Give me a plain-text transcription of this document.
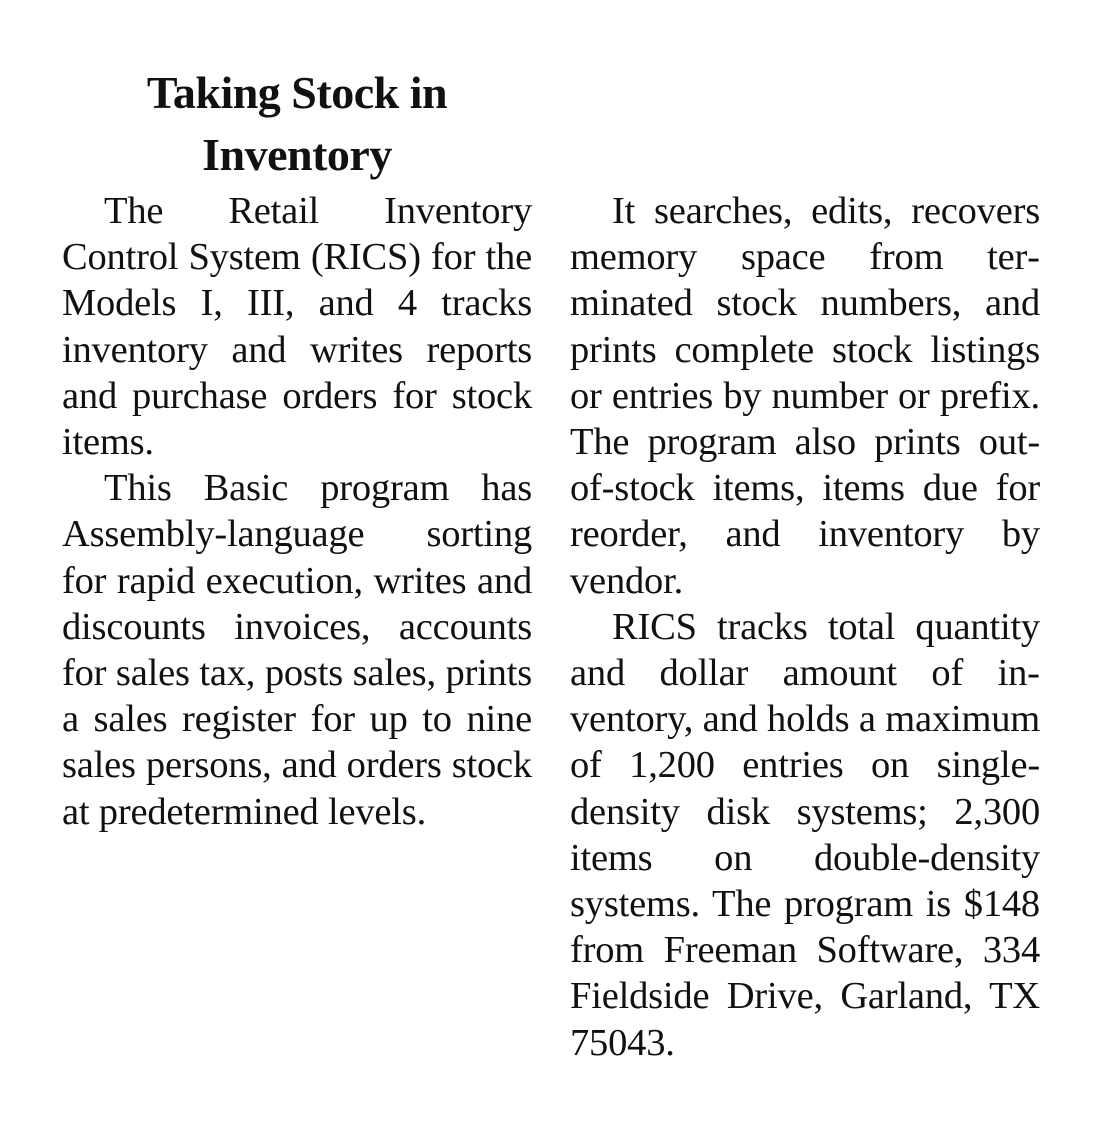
Taking Stock in Inventory

The Retail Inventory Control System (RICS) for the Models I, III, and 4 tracks inventory and writes reports and purchase orders for stock items.

This Basic program has Assembly-language sorting for rapid execution, writes and discounts invoices, accounts for sales tax, posts sales, prints a sales register for up to nine sales persons, and orders stock at predetermined levels.

It searches, edits, recovers memory space from terminated stock numbers, and prints complete stock listings or entries by number or prefix. The program also prints out-of-stock items, items due for reorder, and inventory by vendor.

RICS tracks total quantity and dollar amount of inventory, and holds a maximum of 1,200 entries on single-density disk systems; 2,300 items on double-density systems. The program is $148 from Freeman Software, 334 Fieldside Drive, Garland, TX 75043.
